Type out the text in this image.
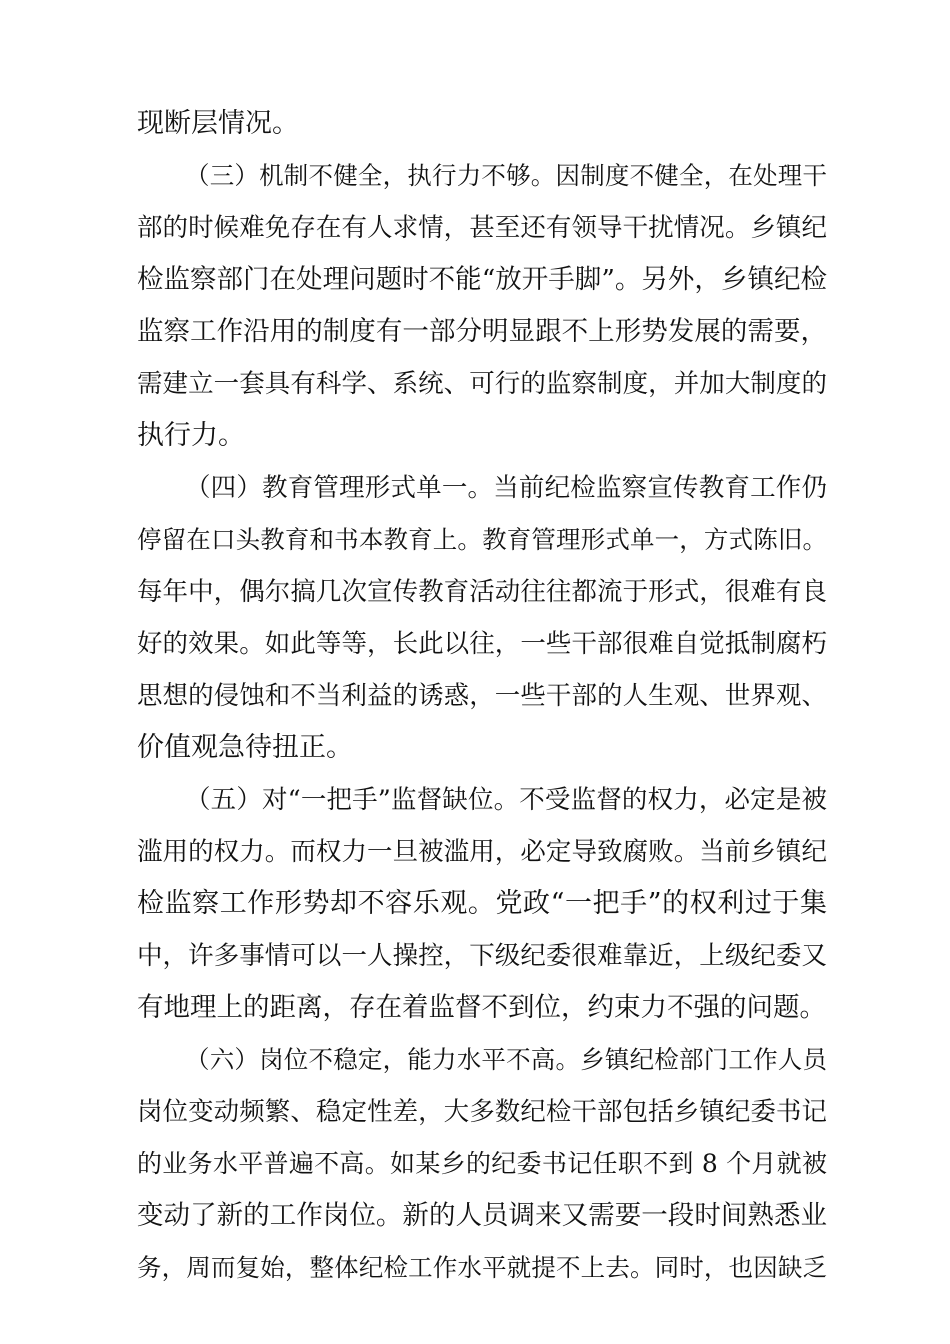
现断层情况。
（三）机制不健全，执行力不够。因制度不健全，在处理干
部的时候难免存在有人求情，甚至还有领导干扰情况。乡镇纪
检监察部门在处理问题时不能“放开手脚”。另外，乡镇纪检
监察工作沿用的制度有一部分明显跟不上形势发展的需要，
需建立一套具有科学、系统、可行的监察制度，并加大制度的
执行力。
（四）教育管理形式单一。当前纪检监察宣传教育工作仍
停留在口头教育和书本教育上。教育管理形式单一，方式陈旧。
每年中，偶尔搞几次宣传教育活动往往都流于形式，很难有良
好的效果。如此等等，长此以往，一些干部很难自觉抵制腐朽
思想的侵蚀和不当利益的诱惑，一些干部的人生观、世界观、
价值观急待扭正。
（五）对“一把手”监督缺位。不受监督的权力，必定是被
滥用的权力。而权力一旦被滥用，必定导致腐败。当前乡镇纪
检监察工作形势却不容乐观。党政“一把手”的权利过于集
中，许多事情可以一人操控，下级纪委很难靠近，上级纪委又
有地理上的距离，存在着监督不到位，约束力不强的问题。
（六）岗位不稳定，能力水平不高。乡镇纪检部门工作人员
岗位变动频繁、稳定性差，大多数纪检干部包括乡镇纪委书记
的业务水平普遍不高。如某乡的纪委书记任职不到 8 个月就被
变动了新的工作岗位。新的人员调来又需要一段时间熟悉业
务，周而复始，整体纪检工作水平就提不上去。同时，也因缺乏
